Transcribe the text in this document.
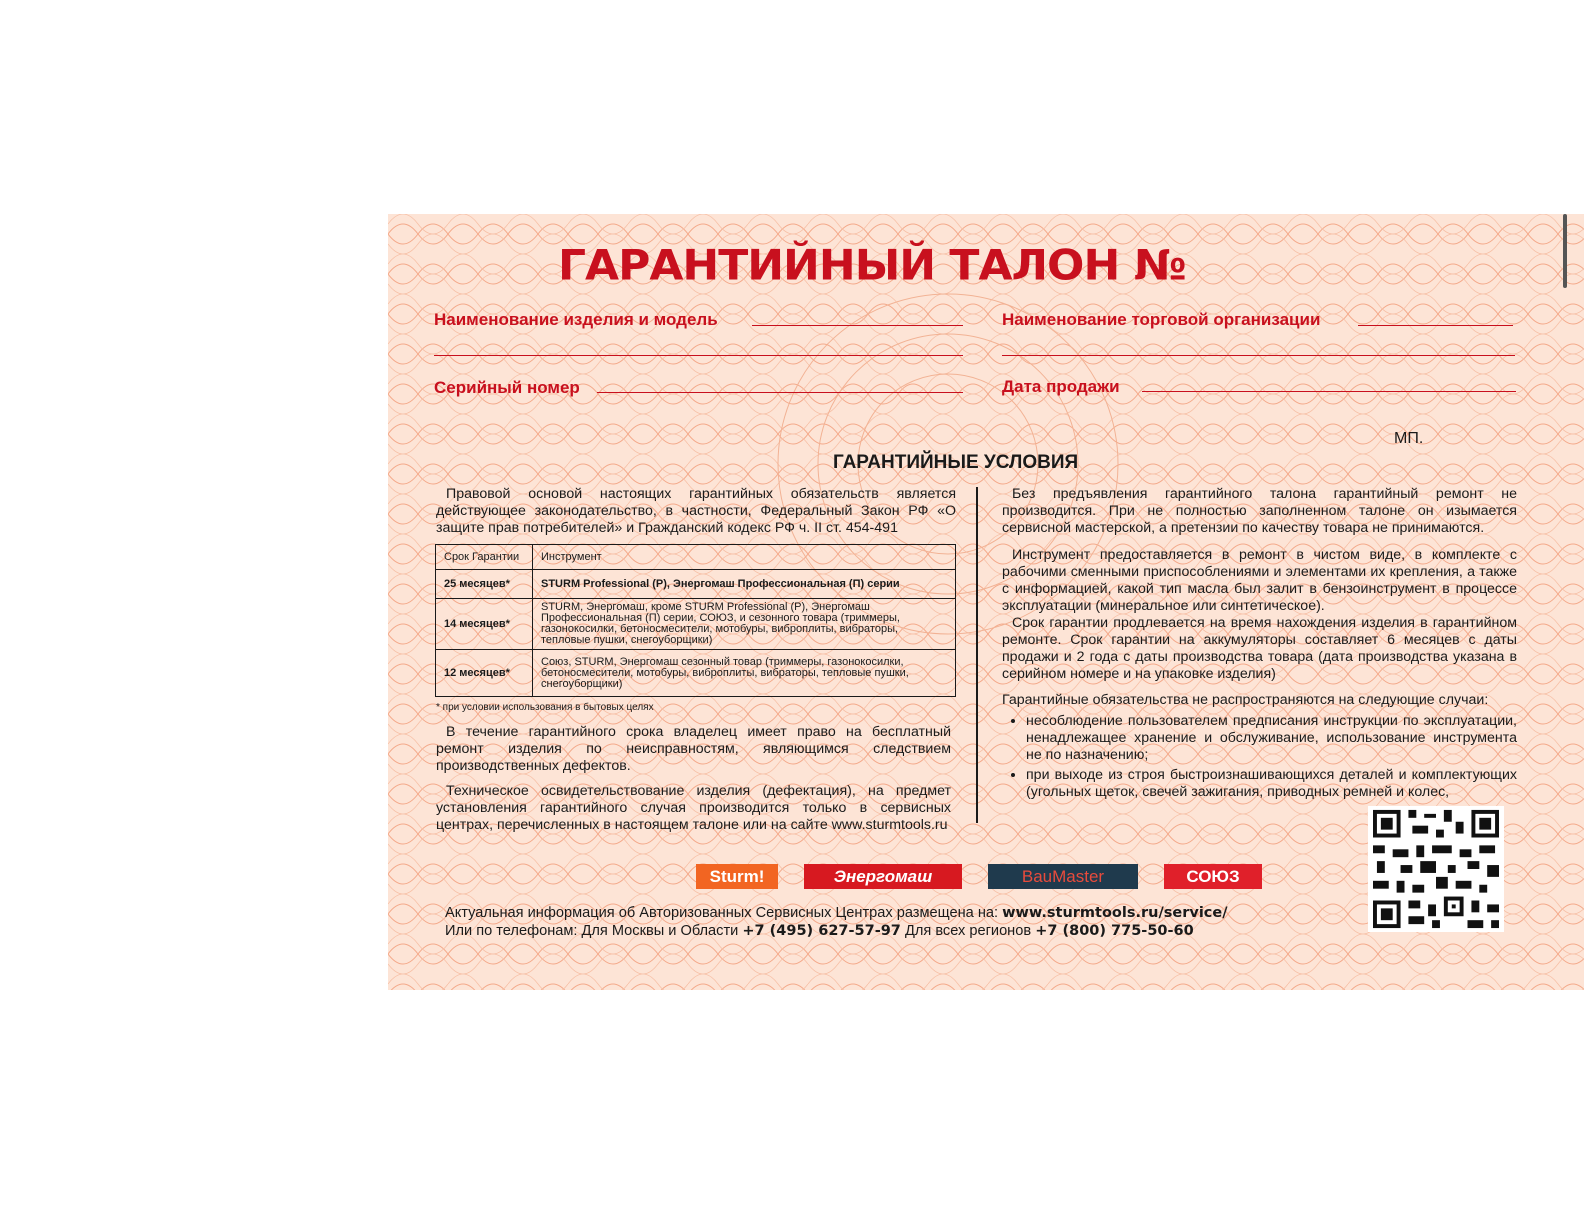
ГАРАНТИЙНЫЙ ТАЛОН №
Наименование изделия и модель	Наименование торговой организации
Серийный номер	Дата продажи
МП.
ГАРАНТИЙНЫЕ УСЛОВИЯ

Правовой основой настоящих гарантийных обязательств является действующее законодательство, в частности, Федеральный Закон РФ «О защите прав потребителей» и Гражданский кодекс РФ ч. II ст. 454-491

Срок Гарантии	Инструмент
25 месяцев*	STURM Professional (P), Энергомаш Профессиональная (П) серии
14 месяцев*	STURM, Энергомаш, кроме STURM Professional (P), Энергомаш Профессиональная (П) серии, СОЮЗ, и сезонного товара (триммеры, газонокосилки, бетоносмесители, мотобуры, виброплиты, вибраторы, тепловые пушки, снегоуборщики)
12 месяцев*	Союз, STURM, Энергомаш сезонный товар (триммеры, газонокосилки, бетоносмесители, мотобуры, виброплиты, вибраторы, тепловые пушки, снегоуборщики)
* при условии использования в бытовых целях

В течение гарантийного срока владелец имеет право на бесплатный ремонт изделия по неисправностям, являющимся следствием производственных дефектов.

Техническое освидетельствование изделия (дефектация), на предмет установления гарантийного случая производится только в сервисных центрах, перечисленных в настоящем талоне или на сайте www.sturmtools.ru

Без предъявления гарантийного талона гарантийный ремонт не производится. При не полностью заполненном талоне он изымается сервисной мастерской, а претензии по качеству товара не принимаются.

Инструмент предоставляется в ремонт в чистом виде, в комплекте с рабочими сменными приспособлениями и элементами их крепления, а также с информацией, какой тип масла был залит в бензоинструмент в процессе эксплуатации (минеральное или синтетическое).

Срок гарантии продлевается на время нахождения изделия в гарантийном ремонте. Срок гарантии на аккумуляторы составляет 6 месяцев с даты продажи и 2 года с даты производства товара (дата производства указана в серийном номере и на упаковке изделия)

Гарантийные обязательства не распространяются на следующие случаи:
• несоблюдение пользователем предписания инструкции по эксплуатации, ненадлежащее хранение и обслуживание, использование инструмента не по назначению;
• при выходе из строя быстроизнашивающихся деталей и комплектующих (угольных щеток, свечей зажигания, приводных ремней и колес,
Sturm!	Энергомаш	BauMaster	СОЮЗ
Актуальная информация об Авторизованных Сервисных Центрах размещена на: www.sturmtools.ru/service/
Или по телефонам: Для Москвы и Области +7 (495) 627-57-97 Для всех регионов +7 (800) 775-50-60
